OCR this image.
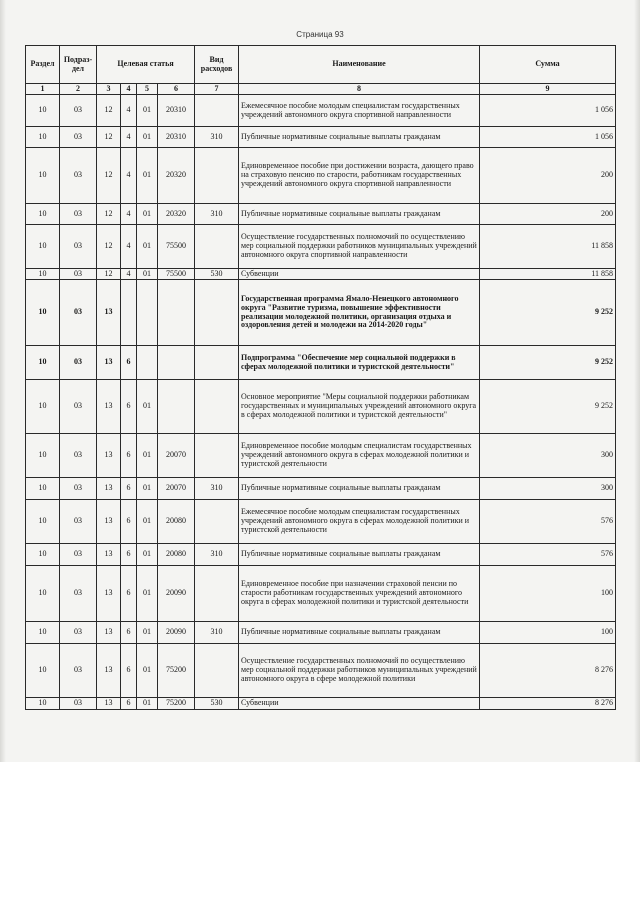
Страница 93
Раздел	Подраз-дел	Целевая статья				Вид расходов	Наименование	Сумма
1	2	3	4	5	6	7	8	9
10	03	12	4	01	20310		Ежемесячное пособие молодым специалистам государственных учреждений автономного округа спортивной направленности	1 056
10	03	12	4	01	20310	310	Публичные нормативные социальные выплаты гражданам	1 056
10	03	12	4	01	20320		Единовременное пособие при достижении возраста, дающего право на страховую пенсию по старости, работникам государственных учреждений автономного округа спортивной направленности	200
10	03	12	4	01	20320	310	Публичные нормативные социальные выплаты гражданам	200
10	03	12	4	01	75500		Осуществление государственных полномочий по осуществлению мер социальной поддержки работников муниципальных учреждений автономного округа спортивной направленности	11 858
10	03	12	4	01	75500	530	Субвенции	11 858
10	03	13					Государственная программа Ямало-Ненецкого автономного округа "Развитие туризма, повышение эффективности реализации молодежной политики, организация отдыха и оздоровления детей и молодежи на 2014-2020 годы"	9 252
10	03	13	6				Подпрограмма "Обеспечение мер социальной поддержки в сферах молодежной политики и туристской деятельности"	9 252
10	03	13	6	01			Основное мероприятие "Меры социальной поддержки работникам государственных и муниципальных учреждений автономного округа в сферах молодежной политики и туристской деятельности"	9 252
10	03	13	6	01	20070		Единовременное пособие молодым специалистам государственных учреждений автономного округа в сферах молодежной политики и туристской деятельности	300
10	03	13	6	01	20070	310	Публичные нормативные социальные выплаты гражданам	300
10	03	13	6	01	20080		Ежемесячное пособие молодым специалистам государственных учреждений автономного округа в сферах молодежной политики и туристской деятельности	576
10	03	13	6	01	20080	310	Публичные нормативные социальные выплаты гражданам	576
10	03	13	6	01	20090		Единовременное пособие при назначении страховой пенсии по старости работникам государственных учреждений автономного округа в сферах молодежной политики и туристской деятельности	100
10	03	13	6	01	20090	310	Публичные нормативные социальные выплаты гражданам	100
10	03	13	6	01	75200		Осуществление государственных полномочий по осуществлению мер социальной поддержки работников муниципальных учреждений автономного округа в сфере молодежной политики	8 276
10	03	13	6	01	75200	530	Субвенции	8 276
